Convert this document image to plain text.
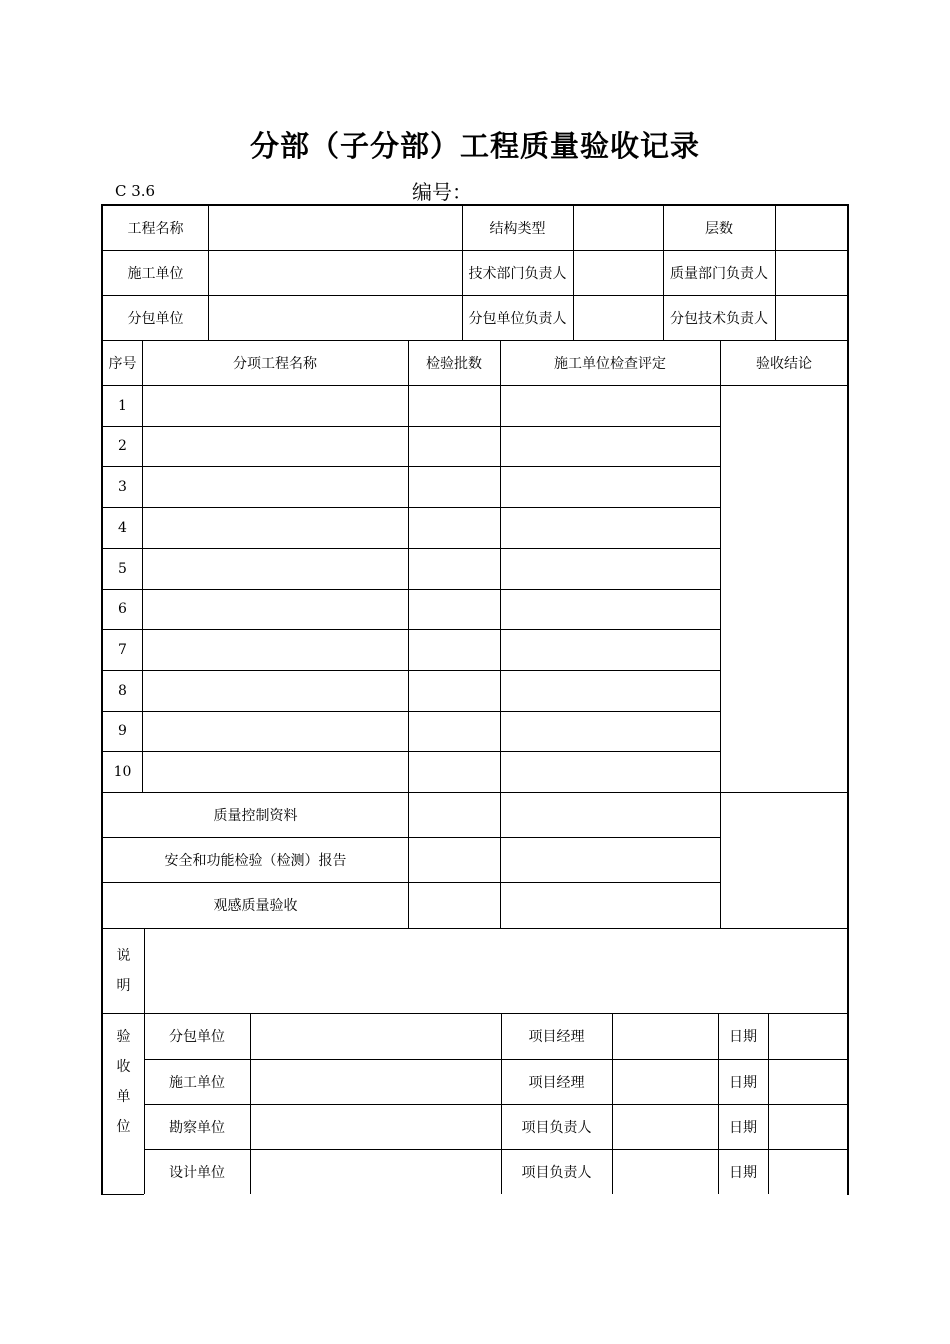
分部（子分部）工程质量验收记录
C 3.6	编号：
工程名称	结构类型	层数
施工单位	技术部门负责人	质量部门负责人
分包单位	分包单位负责人	分包技术负责人
序号	分项工程名称	检验批数	施工单位检查评定	验收结论
1
2
3
4
5
6
7
8
9
10
质量控制资料
安全和功能检验（检测）报告
观感质量验收
说
明
验
收
单
位
分包单位	项目经理	日期
施工单位	项目经理	日期
勘察单位	项目负责人	日期
设计单位	项目负责人	日期
